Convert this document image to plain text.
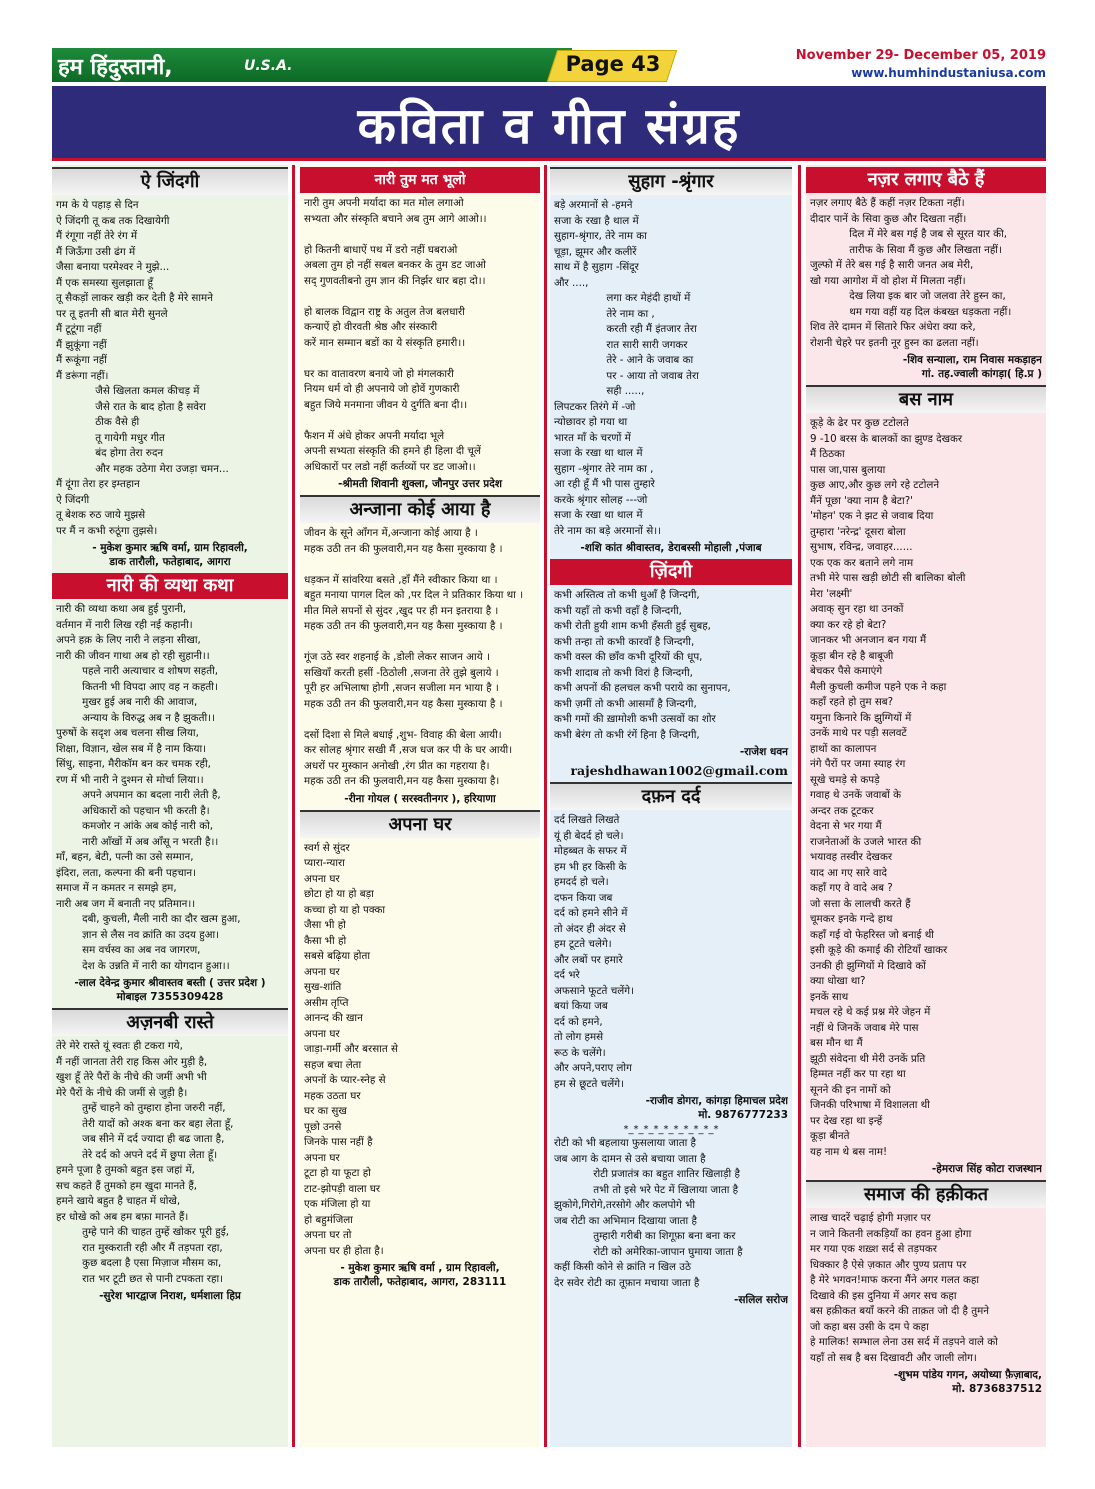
हम हिंदुस्तानी,	U.S.A.	Page 43	November 29- December 05, 2019
www.humhindustaniusa.com
कविता व गीत संग्रह
ऐ जिंदगी
गम के ये पहाड़ से दिन
ऐ जिंदगी तू कब तक दिखायेगी
मैं रंगूगा नहीं तेरे रंग में
मैं जिऊँगा उसी ढंग में
जैसा बनाया परमेश्वर ने मुझे...
मैं एक समस्या सुलझाता हूँ
तू सैकड़ों लाकर खड़ी कर देती है मेरे सामने
पर तू इतनी सी बात मेरी सुनले
मैं टूटूंगा नहीं
मैं झुकूंगा नहीं
मैं रूकूंगा नहीं
मैं डरूंगा नहीं।
जैसे खिलता कमल कीचड़ में
जैसे रात के बाद होता है सवेरा
ठीक वैसे ही
तू गायेगी मधुर गीत
बंद होगा तेरा रुदन
और महक उठेगा मेरा उजड़ा चमन...
मैं दूंगा तेरा हर इम्तहान
ऐ जिंदगी
तू बेशक रुठ जाये मुझसे
पर मैं न कभी रुठूंगा तुझसे।
- मुकेश कुमार ऋषि वर्मा, ग्राम रिहावली,
डाक तारौली, फतेहाबाद, आगरा
नारी की व्यथा कथा
नारी की व्यथा कथा अब हुई पुरानी,
वर्तमान में नारी लिख रही नई कहानी।
अपने हक़ के लिए नारी ने लड़ना सीखा,
नारी की जीवन गाथा अब हो रही सुहानी।।
पहले नारी अत्याचार व शोषण सहती,
कितनी भी विपदा आए वह न कहती।
मुखर हुई अब नारी की आवाज,
अन्याय के विरुद्ध अब न है झुकती।।
पुरुषों के सदृश अब चलना सीख लिया,
शिक्षा, विज्ञान, खेल सब में है नाम किया।
सिंधु, साइना, मैरीकॉम बन कर चमक रही,
रण में भी नारी ने दुश्मन से मोर्चा लिया।।
अपने अपमान का बदला नारी लेती है,
अधिकारों को पहचान भी करती है।
कमजोर न आंके अब कोई नारी को,
नारी आँखों में अब आँसू न भरती है।।
माँ, बहन, बेटी, पत्नी का उसे सम्मान,
इंदिरा, लता, कल्पना की बनी पहचान।
समाज में न कमतर न समझे हम,
नारी अब जग में बनाती नए प्रतिमान।।
दबी, कुचली, मैली नारी का दौर खत्म हुआ,
ज्ञान से लैस नव क्रांति का उदय हुआ।
सम वर्चस्व का अब नव जागरण,
देश के उन्नति में नारी का योगदान हुआ।।
-लाल देवेन्द्र कुमार श्रीवास्तव बस्ती ( उत्तर प्रदेश )
मोबाइल 7355309428
अज़नबी रास्ते
तेरे मेरे रास्ते यूं स्वतः ही टकरा गये,
मैं नहीं जानता तेरी राह किस ओर मुड़ी है,
खुश हूँ तेरे पैरों के नीचे की जमीं अभी भी
मेरे पैरों के नीचे की जमीं से जुड़ी है।
तुम्हें चाहने को तुम्हारा होना जरुरी नहीं,
तेरी यादों को अश्क बना कर बहा लेता हूँ,
जब सीने में दर्द ज्यादा ही बढ जाता है,
तेरे दर्द को अपने दर्द में छुपा लेता हूँ।
हमने पूजा है तुमको बहुत इस जहां में,
सच कहते हैं तुमको हम खुदा मानते हैं,
हमने खाये बहुत है चाहत में धोखे,
हर धोखे को अब हम बफ़ा मानते हैं।
तुम्हे पाने की चाहत तुम्हें खोकर पूरी हुई,
रात मुस्कराती रही और मैं तड़पता रहा,
कुछ बदला है एसा मिज़ाज मौसम का,
रात भर टूटी छत से पानी टपकता रहा।
-सुरेश भारद्वाज निराश, धर्मशाला हिप्र
नारी तुम मत भूलो
नारी तुम अपनी मर्यादा का मत मोल लगाओ
सभ्यता और संस्कृति बचाने अब तुम आगे आओ।।

हो कितनी बाधाऐं पथ में डरो नहीं घबराओ
अबला तुम हो नहीं सबल बनकर के तुम डट जाओ
सद् गुणवतीबनो तुम ज्ञान की निर्झर धार बहा दो।।

हो बालक विद्वान राष्ट्र के अतुल तेज बलधारी
कन्याऐं हो वीरवती श्रेष्ठ और संस्कारी
करें मान सम्मान बडों का ये संस्कृति हमारी।।

घर का वातावरण बनाये जो हो मंगलकारी
नियम धर्म वो ही अपनाये जो होवें गुणकारी
बहुत जिये मनमाना जीवन ये दुर्गति बना दी।।

फैशन में अंधे होकर अपनी मर्यादा भूले
अपनी सभ्यता संस्कृति की हमने ही हिला दी चूलें
अधिकारों पर लडो नहीं कर्तव्यों पर डट जाओ।।
-श्रीमती शिवानी शुक्ला, जौनपुर उत्तर प्रदेश
अन्जाना कोई आया है
जीवन के सूने आँगन में,अन्जाना कोई आया है ।
महक उठी तन की फुलवारी,मन यह कैसा मुस्काया है ।

धड़कन में सांवरिया बसते ,हाँ मैंने स्वीकार किया था ।
बहुत मनाया पागल दिल को ,पर दिल ने प्रतिकार किया था ।
मीत मिले सपनों से सुंदर ,खुद पर ही मन इतराया है ।
महक उठी तन की फुलवारी,मन यह कैसा मुस्काया है ।

गूंज उठे स्वर शहनाई के ,डोली लेकर साजन आये ।
सखियाँ करती हसीं -ठिठोली ,सजना तेरे तुझे बुलाये ।
पूरी हर अभिलाषा होगी ,सजन सजीला मन भाया है ।
महक उठी तन की फुलवारी,मन यह कैसा मुस्काया है ।

दसों दिशा से मिले बधाई ,शुभ- विवाह की बेला आयी।
कर सोलह श्रृंगार सखी मैं ,सज धज कर पी के घर आयी।
अधरों पर मुस्कान अनोखी ,रंग प्रीत का गहराया है।
महक उठी तन की फुलवारी,मन यह कैसा मुस्काया है।
-रीना गोयल ( सरस्वतीनगर ), हरियाणा
अपना घर
स्वर्ग से सुंदर
प्यारा-न्यारा
अपना घर
छोटा हो या हो बड़ा
कच्चा हो या हो पक्का
जैसा भी हो
कैसा भी हो
सबसे बढ़िया होता
अपना घर
सुख-शांति
असीम तृप्ति
आनन्द की खान
अपना घर
जाड़ा-गर्मी और बरसात से
सहज बचा लेता
अपनों के प्यार-स्नेह से
महक उठता घर
घर का सुख
पूछो उनसे
जिनके पास नहीं है
अपना घर
टूटा हो या फूटा हो
टाट-झोपड़ी वाला घर
एक मंजिला हो या
हो बहुमंजिला
अपना घर तो
अपना घर ही होता है।
- मुकेश कुमार ऋषि वर्मा , ग्राम रिहावली,
डाक तारौली, फतेहाबाद, आगरा, 283111
सुहाग -श्रृंगार
बड़े अरमानों से -हमने
सजा के रखा है थाल में
सुहाग-श्रृंगार, तेरे नाम का
चूड़ा, झूमर और कलीरें
साथ में है सुहाग -सिंदूर
और ....,
लगा कर मेहंदी हाथों में
तेरे नाम का ,
करती रही मैं इंतजार तेरा
रात सारी सारी जगकर
तेरे - आने के जवाब का
पर - आया तो जवाब तेरा
सही .....,
लिपटकर तिरंगे में -जो
न्योछावर हो गया था
भारत माँ के चरणों में
सजा के रखा था थाल में
सुहाग -श्रृंगार तेरे नाम का ,
आ रही हूँ मैं भी पास तुम्हारे
करके श्रृंगार सोलह ---जो
सजा के रखा था थाल में
तेरे नाम का बड़े अरमानों से।।
-शशि कांत श्रीवास्तव, डेराबस्सी मोहाली ,पंजाब
ज़िंदगी
कभी अस्तित्व तो कभी धुआँ है जिन्दगी,
कभी यहाँ तो कभी वहाँ है जिन्दगी,
कभी रोती हुयी शाम कभी हँसती हुई सुबह,
कभी तन्हा तो कभी कारवाँ है जिन्दगी,
कभी वस्ल की छाँव कभी दूरियों की धूप,
कभी शादाब तो कभी विरां है जिन्दगी,
कभी अपनों की हलचल कभी पराये का सुनापन,
कभी ज़मीं तो कभी आसमाँ है जिन्दगी,
कभी गमों की ख़ामोशी कभी उत्सवों का शोर
कभी बेरंग तो कभी रंगें हिना है जिन्दगी,
-राजेश धवन
rajeshdhawan1002@gmail.com
दफ़न दर्द
दर्द लिखते लिखते
यूं ही बेदर्द हो चले।
मोहब्बत के सफर में
हम भी हर किसी के
हमदर्द हो चले।
दफन किया जब
दर्द को हमने सीने में
तो अंदर ही अंदर से
हम टूटते चलेगे।
और लबों पर हमारे
दर्द भरे
अफसाने फूटते चलेंगे।
बयां किया जब
दर्द को हमने,
तो लोग हमसे
रूठ के चलेंगे।
और अपने,पराए लोग
हम से छूटते चलेंगे।
-राजीव डोगरा, कांगड़ा हिमाचल प्रदेश
मो. 9876777233
*_*_*_*_*_*_*_*_*_*
रोटी को भी बहलाया फुसलाया जाता है
जब आग के दामन से उसे बचाया जाता है
रोटी प्रजातंत्र का बहुत शातिर खिलाड़ी है
तभी तो इसे भरे पेट में खिलाया जाता है
झुकोगे,गिरोगे,तरसोगे और कलपोगे भी
जब रोटी का अभिमान दिखाया जाता है
तुम्हारी गरीबी का शिगूफ़ा बना बना कर
रोटी को अमेरिका-जापान घुमाया जाता है
कहीं किसी कोने से क्रांति न खिल उठे
देर सवेर रोटी का तूफ़ान मचाया जाता है
-सलिल सरोज
नज़र लगाए बैठे हैं
नज़र लगाए बैठे हैं कहीं नज़र टिकता नहीं।
दीदार पानें के सिवा कुछ और दिखता नहीं।
दिल में मेरे बस गई है जब से सूरत यार की,
तारीफ के सिवा मैं कुछ और लिखता नहीं।
जुल्फो में तेरे बस गई है सारी जनत अब मेरी,
खो गया आगोश में वो होश में मिलता नहीं।
देख लिया इक बार जो जलवा तेरे हुस्न का,
थम गया वहीं यह दिल कंबख्त धड़कता नहीं।
शिव तेरे दामन में सितारे फिर अंधेरा क्या करे,
रोशनी चेहरे पर इतनी नूर हुस्न का ढलता नहीं।
-शिव सन्याला, राम निवास मकड़ाहन
गां. तह.ज्वाली कांगड़ा( हि.प्र )
बस नाम
कूड़े के ढेर पर कुछ टटोलते
9 -10 बरस के बालकों का झुण्ड देखकर
मैं ठिठका
पास जा,पास बुलाया
कुछ आए,और कुछ लगे रहे टटोलने
मैंनें पूछा 'क्या नाम है बेटा?'
'मोहन' एक ने झट से जवाब दिया
तुम्हारा 'नरेन्द्र' दूसरा बोला
सुभाष, रविन्द्र, जवाहर......
एक एक कर बताने लगे नाम
तभी मेरे पास खड़ी छोटी सी बालिका बोली
मेरा 'लक्ष्मी'
अवाक् सुन रहा था उनकों
क्या कर रहे हो बेटा?
जानकर भी अनजान बन गया मैं
कूड़ा बीन रहे है बाबूजी
बेचकर पैसे कमाएंगे
मैली कुचली कमीज पहने एक ने कहा
कहाँ रहते हो तुम सब?
यमुना किनारे कि झुग्गियों में
उनकें माथे पर पड़ी सलवटें
हाथों का कालापन
नंगे पैरों पर जमा स्याह रंग
सूखे चमड़े से कपड़े
गवाह थे उनकें जवाबों के
अन्दर तक टूटकर
वेदना से भर गया मैं
राजनेताओं के उजले भारत की
भयावह तस्वीर देखकर
याद आ गए सारे वादे
कहाँ गए वे वादे अब ?
जो सत्ता के लालची करते हैं
चूमकर इनके गन्दे हाथ
कहाँ गई वो फेहरिस्त जो बनाई थी
इसी कूड़े की कमाई की रोटियाँ खाकर
उनकी ही झुग्गियों मे दिखावे कों
क्या धोखा था?
इनकें साथ
मचल रहे थे कई प्रश्न मेरे जेहन में
नहीं थे जिनकें जवाब मेरे पास
बस मौन था मैं
झूठी संवेदना थी मेरी उनकें प्रति
हिम्मत नहीं कर पा रहा था
सूनने की इन नामों को
जिनकी परिभाषा में विशालता थी
पर देख रहा था इन्हें
कूड़ा बीनते
यह नाम थे बस नाम!
-हेमराज सिंह कोटा राजस्थान
समाज की हक़ीकत
लाख चादरें चढ़ाई होगी मज़ार पर
न जाने कितनी लकड़ियाँ का हवन हुआ होगा
मर गया एक शख़्श सर्द से तड़पकर
धिक्कार है ऐसे ज़कात और पुण्य प्रताप पर
है मेरे भगवन!माफ करना मैंने अगर गलत कहा
दिखावे की इस दुनिया में अगर सच कहा
बस हक़ीकत बयाँ करने की ताक़त जो दी है तुमने
जो कहा बस उसी के दम पे कहा
हे मालिक! सम्भाल लेना उस सर्द में तड़पने वाले को
यहाँ तो सब है बस दिखावटी और जाली लोग।
-शुभम पांडेय गगन, अयोध्या फ़ैज़ाबाद,
मो. 8736837512
